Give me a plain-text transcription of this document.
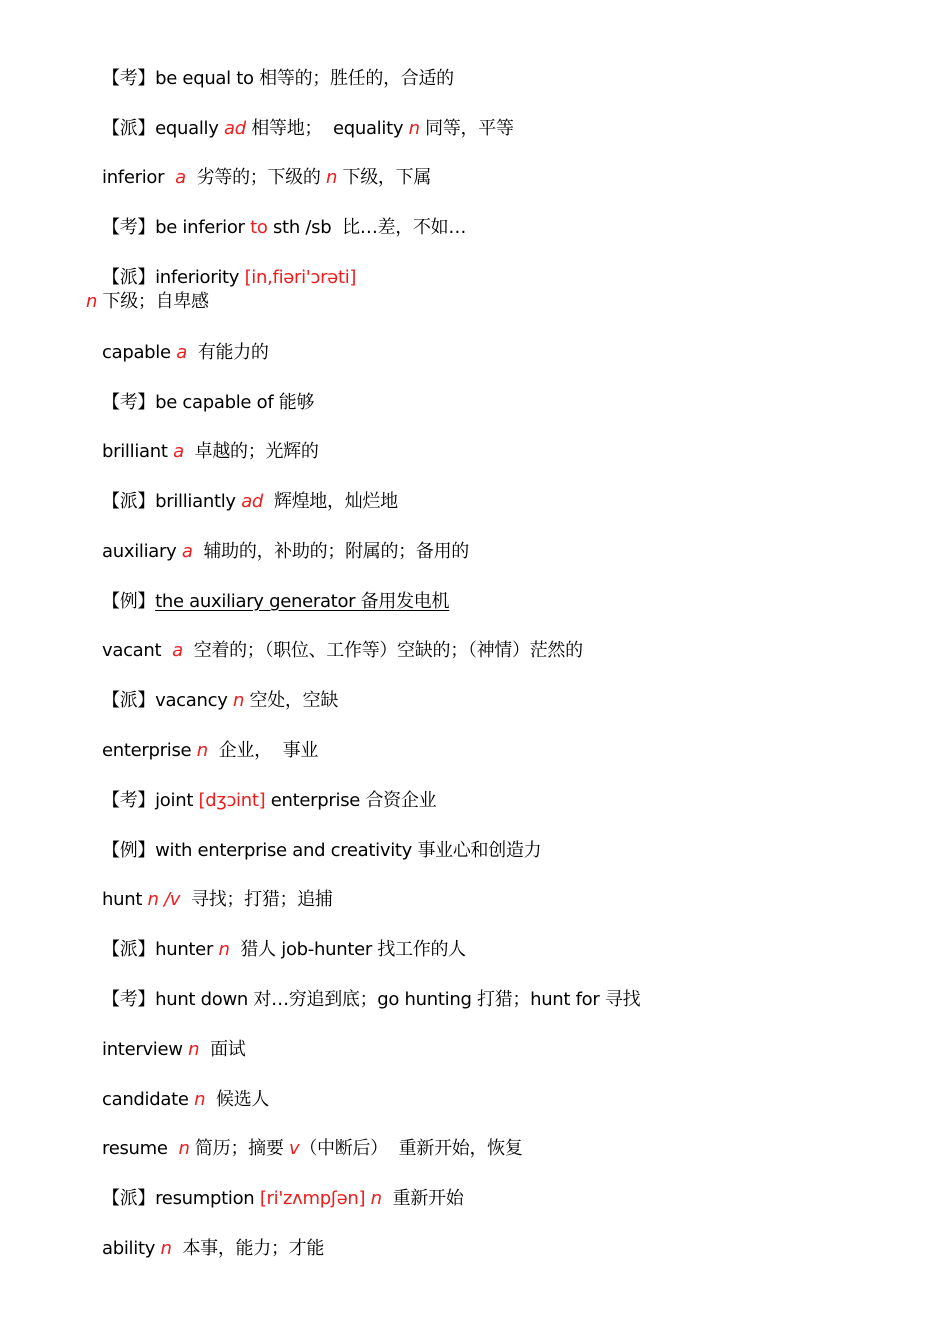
【考】be equal to 相等的；胜任的，合适的
【派】equally ad 相等地；  equality n 同等，平等
inferior  a  劣等的；下级的 n 下级，下属
【考】be inferior to sth /sb  比…差，不如…
【派】inferiority [in,fiəri'ɔrəti]
n 下级；自卑感
capable a  有能力的
【考】be capable of 能够
brilliant a  卓越的；光辉的
【派】brilliantly ad  辉煌地，灿烂地
auxiliary a  辅助的，补助的；附属的；备用的
【例】the auxiliary generator 备用发电机
vacant  a  空着的；（职位、工作等）空缺的；（神情）茫然的
【派】vacancy n 空处，空缺
enterprise n  企业，  事业
【考】joint [dʒɔint] enterprise 合资企业
【例】with enterprise and creativity 事业心和创造力
hunt n /v  寻找；打猎；追捕
【派】hunter n  猎人 job-hunter 找工作的人
【考】hunt down 对…穷追到底；go hunting 打猎；hunt for 寻找
interview n  面试
candidate n  候选人
resume  n 简历；摘要 v（中断后）  重新开始，恢复
【派】resumption [ri'zʌmpʃən] n  重新开始
ability n  本事，能力；才能
